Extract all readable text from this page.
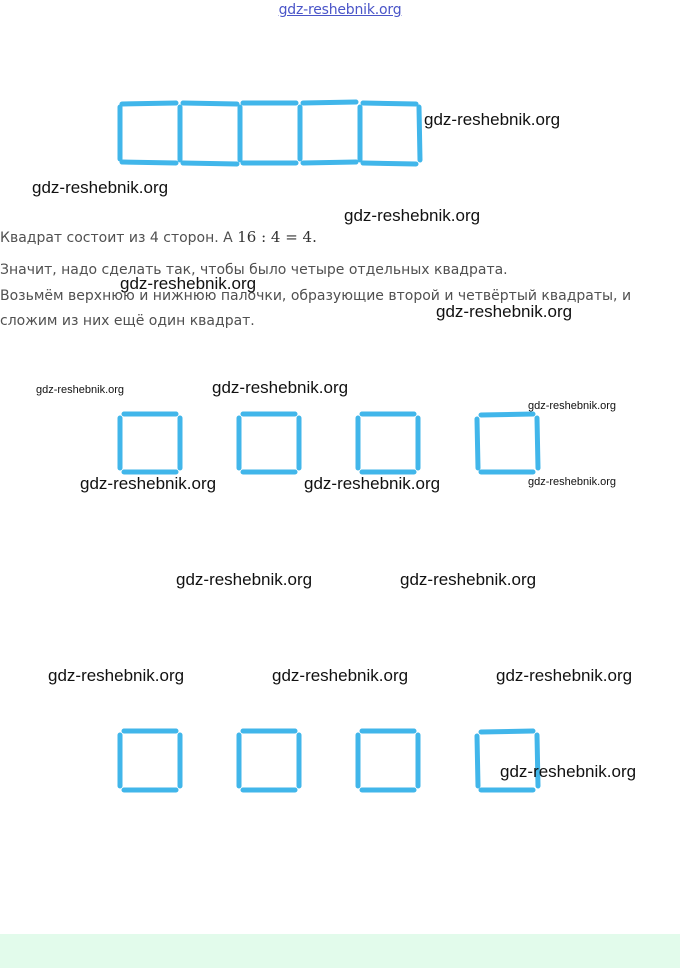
gdz-reshebnik.org
Квадрат состоит из 4 сторон. А 16 : 4 = 4.
Значит, надо сделать так, чтобы было четыре отдельных квадрата.
Возьмём верхнюю и нижнюю палочки, образующие второй и четвёртый квадраты, и
сложим из них ещё один квадрат.
gdz-reshebnik.org
gdz-reshebnik.org
gdz-reshebnik.org
gdz-reshebnik.org
gdz-reshebnik.org
gdz-reshebnik.org	gdz-reshebnik.org
gdz-reshebnik.org
gdz-reshebnik.org	gdz-reshebnik.org	gdz-reshebnik.org
gdz-reshebnik.org	gdz-reshebnik.org
gdz-reshebnik.org	gdz-reshebnik.org	gdz-reshebnik.org
gdz-reshebnik.org
